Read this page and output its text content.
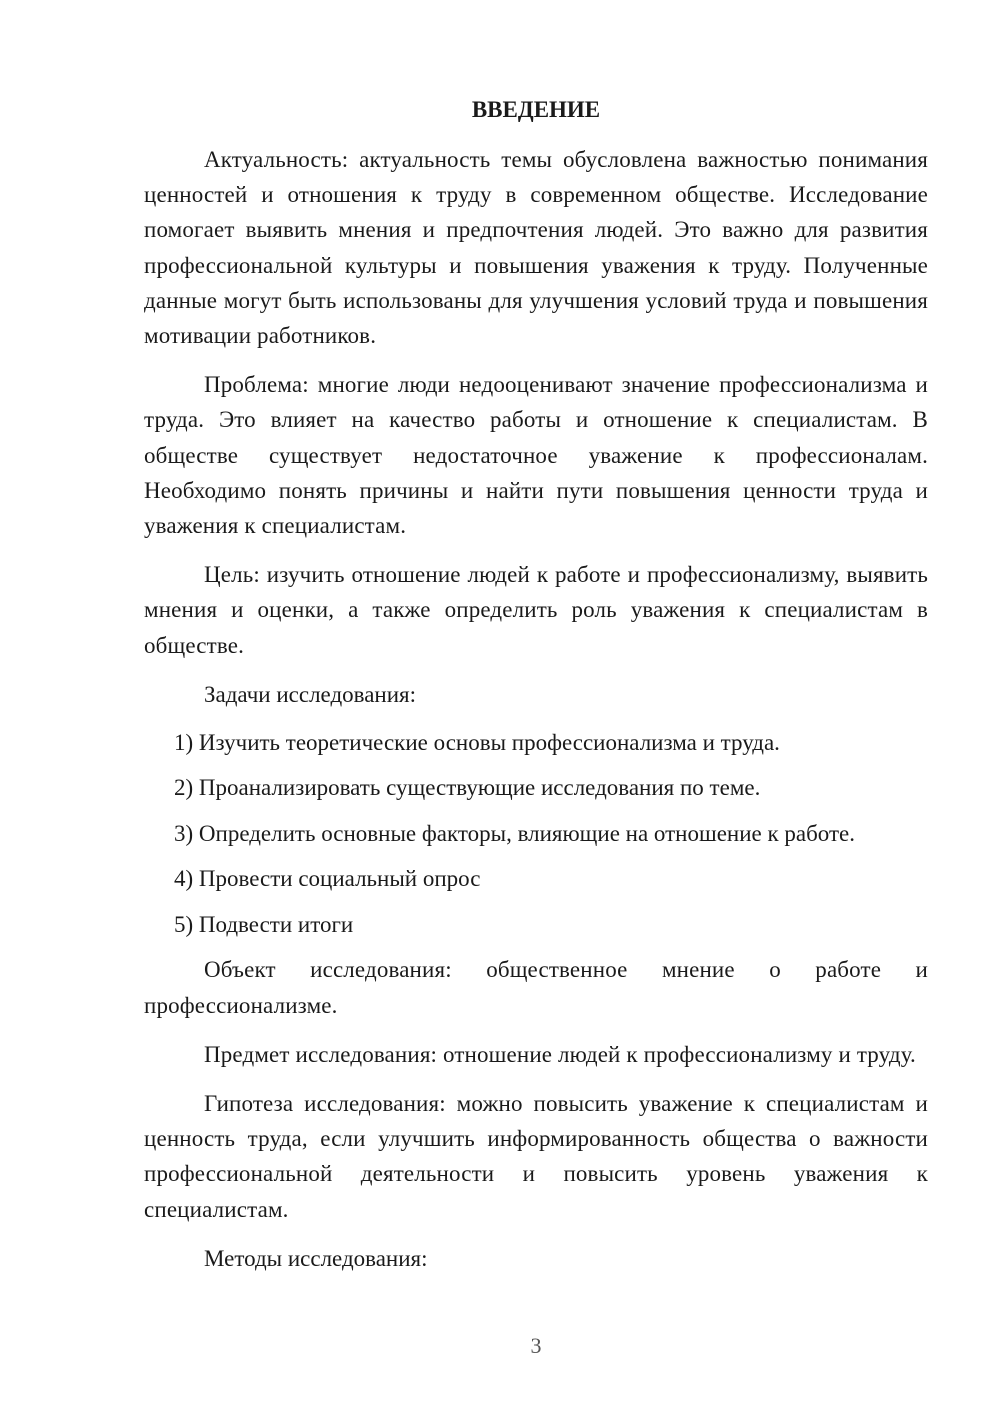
ВВЕДЕНИЕ

Актуальность: актуальность темы обусловлена важностью понимания ценностей и отношения к труду в современном обществе. Исследование помогает выявить мнения и предпочтения людей. Это важно для развития профессиональной культуры и повышения уважения к труду. Полученные данные могут быть использованы для улучшения условий труда и повышения мотивации работников.

Проблема: многие люди недооценивают значение профессионализма и труда. Это влияет на качество работы и отношение к специалистам. В обществе существует недостаточное уважение к профессионалам. Необходимо понять причины и найти пути повышения ценности труда и уважения к специалистам.

Цель: изучить отношение людей к работе и профессионализму, выявить мнения и оценки, а также определить роль уважения к специалистам в обществе.

Задачи исследования:

1) Изучить теоретические основы профессионализма и труда.
2) Проанализировать существующие исследования по теме.
3) Определить основные факторы, влияющие на отношение к работе.
4) Провести социальный опрос
5) Подвести итоги

Объект исследования: общественное мнение о работе и профессионализме.

Предмет исследования: отношение людей к профессионализму и труду.

Гипотеза исследования: можно повысить уважение к специалистам и ценность труда, если улучшить информированность общества о важности профессиональной деятельности и повысить уровень уважения к специалистам.

Методы исследования:

3
